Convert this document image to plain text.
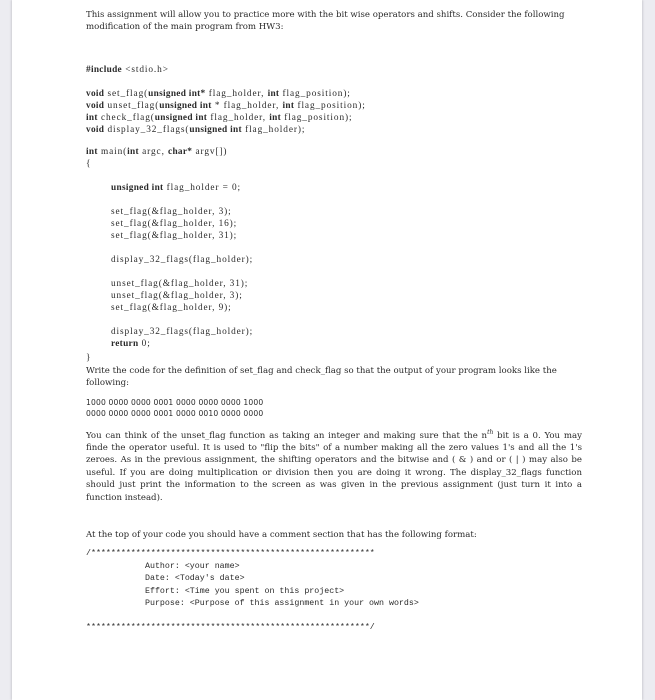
This assignment will allow you to practice more with the bit wise operators and shifts. Consider the following
modification of the main program from HW3:

#include <stdio.h>
void set_flag(unsigned int* flag_holder, int flag_position);
void unset_flag(unsigned int * flag_holder, int flag_position);
int check_flag(unsigned int flag_holder, int flag_position);
void display_32_flags(unsigned int flag_holder);
int main(int argc, char* argv[])
{
unsigned int flag_holder = 0;
set_flag(&flag_holder, 3);
set_flag(&flag_holder, 16);
set_flag(&flag_holder, 31);
display_32_flags(flag_holder);
unset_flag(&flag_holder, 31);
unset_flag(&flag_holder, 3);
set_flag(&flag_holder, 9);
display_32_flags(flag_holder);
return 0;
}

Write the code for the definition of set_flag and check_flag so that the output of your program looks like the
following:

1000 0000 0000 0001 0000 0000 0000 1000
0000 0000 0000 0001 0000 0010 0000 0000

You can think of the unset_flag function as taking an integer and making sure that the $n^{th}$ bit is a 0. You may finde the operator useful. It is used to "flip the bits" of a number making all the zero values 1's and all the 1's zeroes. As in the previous assignment, the shifting operators and the bitwise and ( & ) and or ( | ) may also be useful. If you are doing multiplication or division then you are doing it wrong. The display_32_flags function should just print the information to the screen as was given in the previous assignment (just turn it into a function instead).

At the top of your code you should have a comment section that has the following format:

/*********************************************************
Author: <your name>
Date: <Today's date>
Effort: <Time you spent on this project>
Purpose: <Purpose of this assignment in your own words>
*********************************************************/
